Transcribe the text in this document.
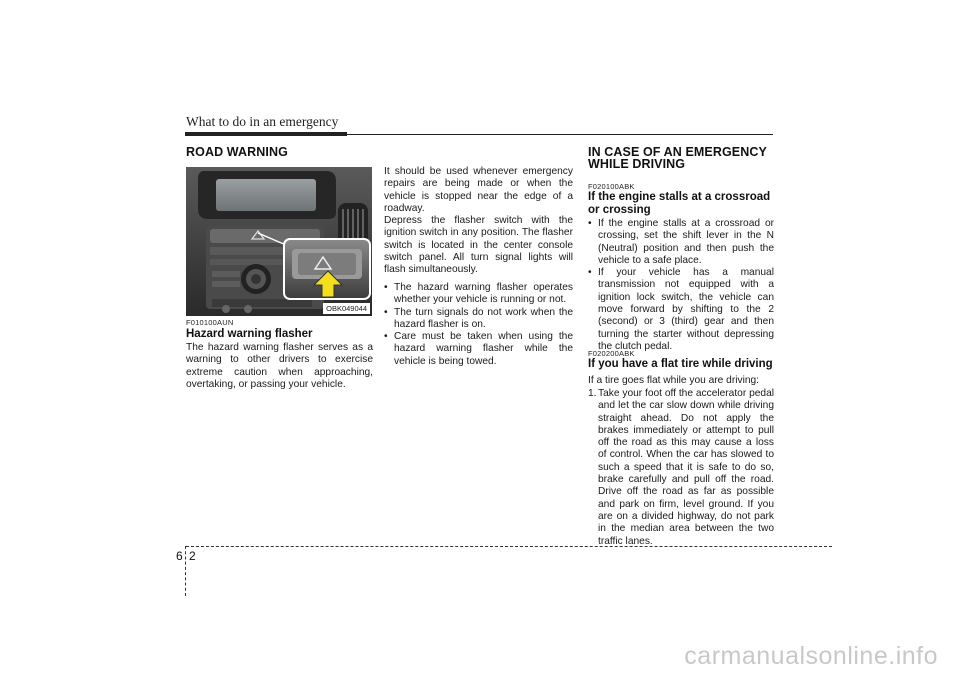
What to do in an emergency
ROAD WARNING
OBK049044
F010100AUN
Hazard warning flasher
The hazard warning flasher serves as a warning to other drivers to exercise extreme caution when approaching, overtaking, or passing your vehicle.
It should be used whenever emergency repairs are being made or when the vehicle is stopped near the edge of a roadway.
Depress the flasher switch with the ignition switch in any position. The flasher switch is located in the center console switch panel. All turn signal lights will flash simultaneously.
• The hazard warning flasher operates whether your vehicle is running or not.
• The turn signals do not work when the hazard flasher is on.
• Care must be taken when using the hazard warning flasher while the vehicle is being towed.
IN CASE OF AN EMERGENCY
WHILE DRIVING
F020100ABK
If the engine stalls at a crossroad
or crossing
• If the engine stalls at a crossroad or crossing, set the shift lever in the N (Neutral) position and then push the vehicle to a safe place.
• If your vehicle has a manual transmission not equipped with a ignition lock switch, the vehicle can move forward by shifting to the 2 (second) or 3 (third) gear and then turning the starter without depressing the clutch pedal.
F020200ABK
If you have a flat tire while driving
If a tire goes flat while you are driving:
1. Take your foot off the accelerator pedal and let the car slow down while driving straight ahead. Do not apply the brakes immediately or attempt to pull off the road as this may cause a loss of control. When the car has slowed to such a speed that it is safe to do so, brake carefully and pull off the road. Drive off the road as far as possible and park on firm, level ground. If you are on a divided highway, do not park in the median area between the two traffic lanes.
6 2
carmanualsonline.info
